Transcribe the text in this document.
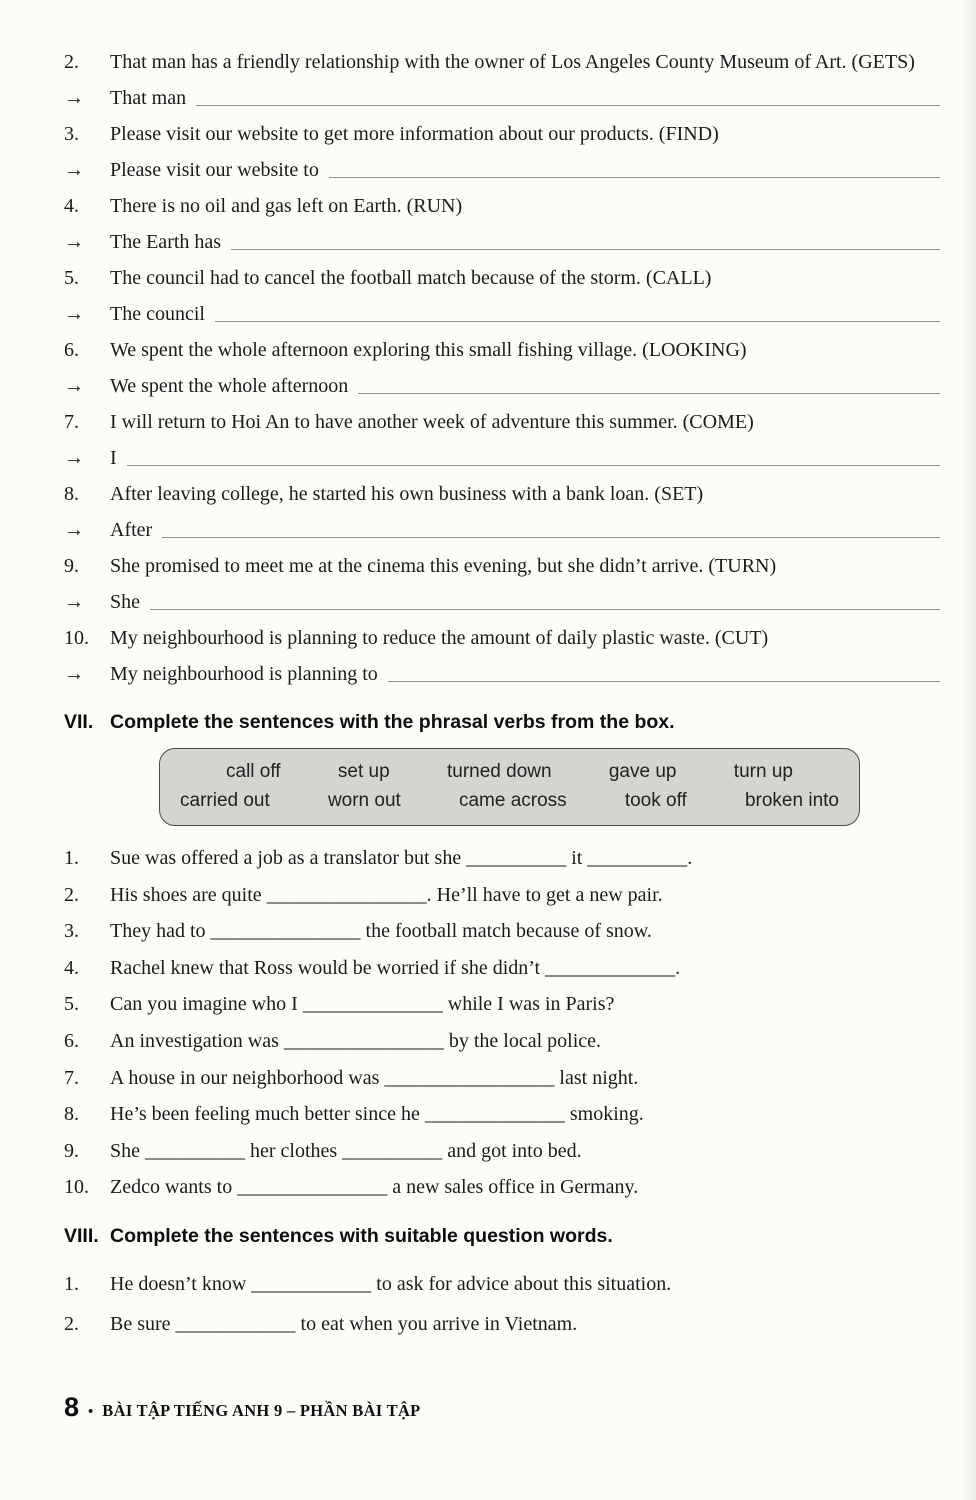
2.	That man has a friendly relationship with the owner of Los Angeles County Museum of Art. (GETS)
→	That man
3.	Please visit our website to get more information about our products. (FIND)
→	Please visit our website to
4.	There is no oil and gas left on Earth. (RUN)
→	The Earth has
5.	The council had to cancel the football match because of the storm. (CALL)
→	The council
6.	We spent the whole afternoon exploring this small fishing village. (LOOKING)
→	We spent the whole afternoon
7.	I will return to Hoi An to have another week of adventure this summer. (COME)
→	I
8.	After leaving college, he started his own business with a bank loan. (SET)
→	After
9.	She promised to meet me at the cinema this evening, but she didn’t arrive. (TURN)
→	She
10.	My neighbourhood is planning to reduce the amount of daily plastic waste. (CUT)
→	My neighbourhood is planning to
VII. Complete the sentences with the phrasal verbs from the box.
call off	set up	turned down	gave up	turn up
carried out	worn out	came across	took off	broken into
1.	Sue was offered a job as a translator but she __________ it __________.
2.	His shoes are quite ________________. He’ll have to get a new pair.
3.	They had to _______________ the football match because of snow.
4.	Rachel knew that Ross would be worried if she didn’t _____________.
5.	Can you imagine who I ______________ while I was in Paris?
6.	An investigation was ________________ by the local police.
7.	A house in our neighborhood was _________________ last night.
8.	He’s been feeling much better since he ______________ smoking.
9.	She __________ her clothes __________ and got into bed.
10.	Zedco wants to _______________ a new sales office in Germany.
VIII. Complete the sentences with suitable question words.
1.	He doesn’t know ____________ to ask for advice about this situation.
2.	Be sure ____________ to eat when you arrive in Vietnam.
8 • BÀI TẬP TIẾNG ANH 9 – PHẦN BÀI TẬP
